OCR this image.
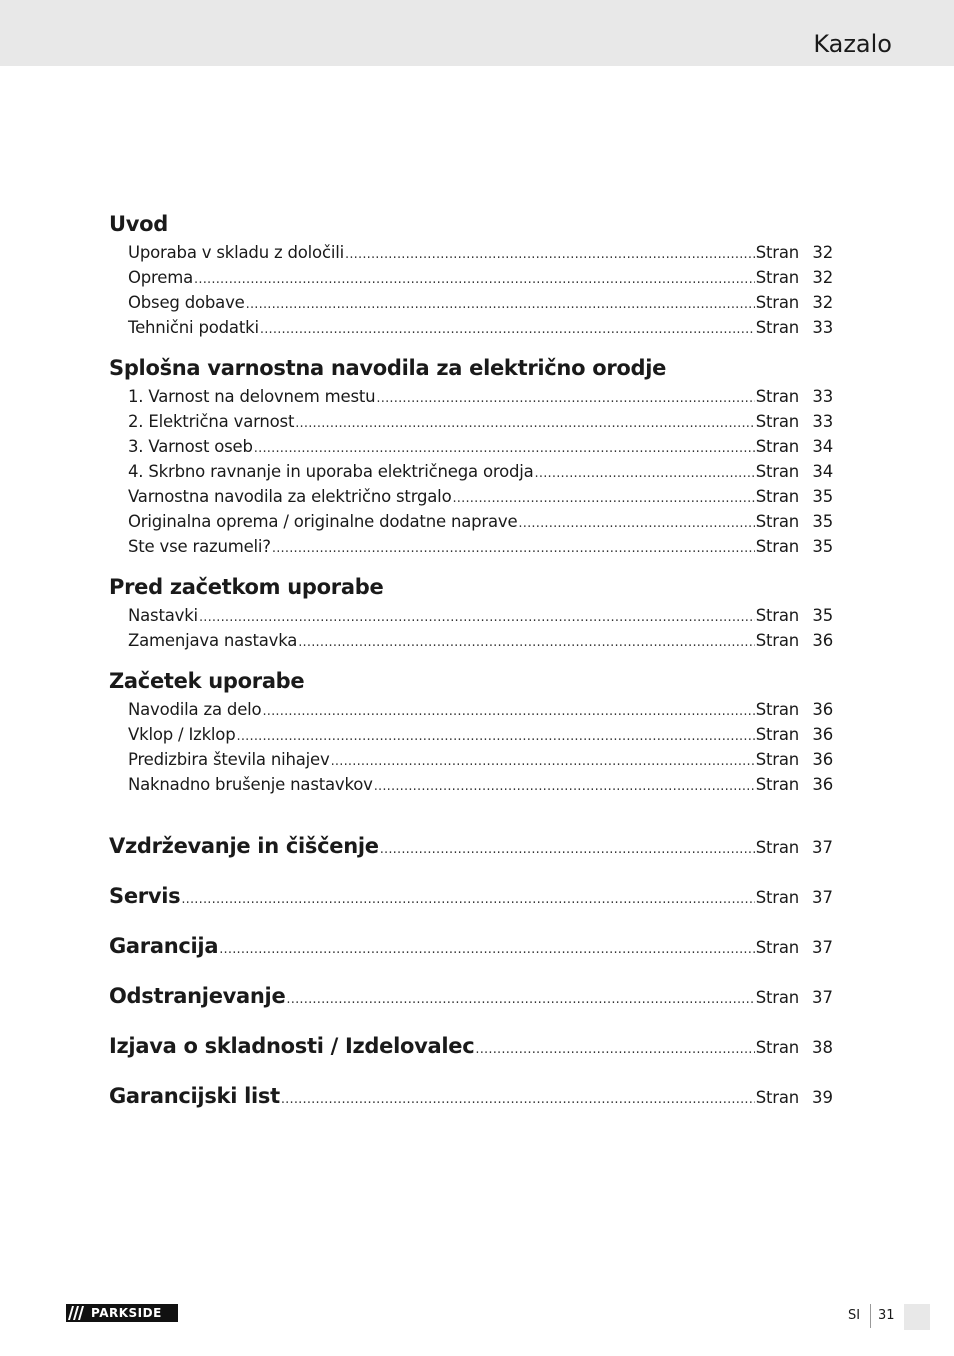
Kazalo
Uvod
Uporaba v skladu z določili .....	Stran 32
Oprema .....	Stran 32
Obseg dobave .....	Stran 32
Tehnični podatki .....	Stran 33
Splošna varnostna navodila za električno orodje
1. Varnost na delovnem mestu .....	Stran 33
2. Električna varnost .....	Stran 33
3. Varnost oseb .....	Stran 34
4. Skrbno ravnanje in uporaba električnega orodja .....	Stran 34
Varnostna navodila za električno strgalo .....	Stran 35
Originalna oprema / originalne dodatne naprave .....	Stran 35
Ste vse razumeli? .....	Stran 35
Pred začetkom uporabe
Nastavki .....	Stran 35
Zamenjava nastavka .....	Stran 36
Začetek uporabe
Navodila za delo .....	Stran 36
Vklop / Izklop .....	Stran 36
Predizbira števila nihajev .....	Stran 36
Naknadno brušenje nastavkov .....	Stran 36
Vzdrževanje in čiščenje .....	Stran 37
Servis .....	Stran 37
Garancija .....	Stran 37
Odstranjevanje .....	Stran 37
Izjava o skladnosti / Izdelovalec .....	Stran 38
Garancijski list .....	Stran 39
PARKSIDE	SI 31
